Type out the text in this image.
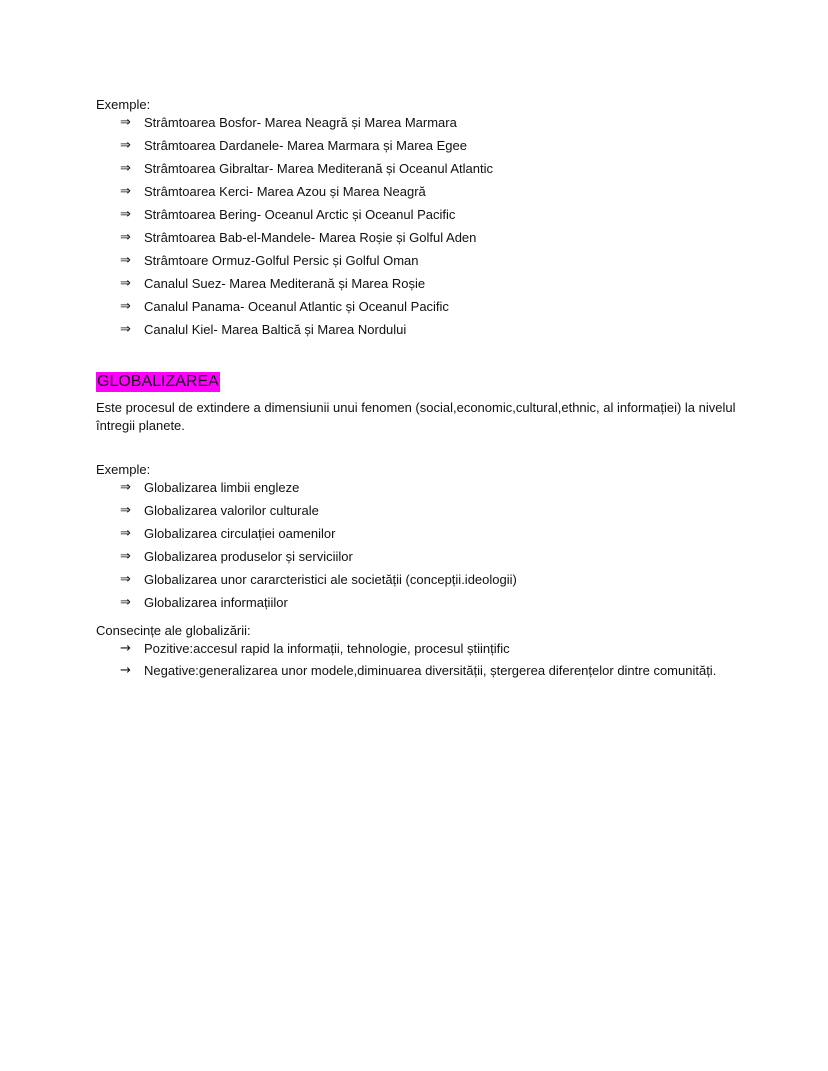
Exemple:

⇒	Strâmtoarea Bosfor- Marea Neagră și Marea Marmara
⇒	Strâmtoarea Dardanele- Marea Marmara și Marea Egee
⇒	Strâmtoarea Gibraltar- Marea Mediterană și Oceanul Atlantic
⇒	Strâmtoarea Kerci- Marea Azou și Marea Neagră
⇒	Strâmtoarea Bering- Oceanul Arctic și Oceanul Pacific
⇒	Strâmtoarea Bab-el-Mandele- Marea Roșie și Golful Aden
⇒	Strâmtoare Ormuz-Golful Persic și Golful Oman
⇒	Canalul Suez- Marea Mediterană și Marea Roșie
⇒	Canalul Panama- Oceanul Atlantic și Oceanul Pacific
⇒	Canalul Kiel- Marea Baltică și Marea Nordului
GLOBALIZAREA

Este procesul de extindere a dimensiunii unui fenomen (social,economic,cultural,ethnic, al informației) la nivelul întregii planete.

Exemple:

⇒	Globalizarea limbii engleze
⇒	Globalizarea valorilor culturale
⇒	Globalizarea circulației oamenilor
⇒	Globalizarea produselor și serviciilor
⇒	Globalizarea unor cararcteristici ale societății (concepții.ideologii)
⇒	Globalizarea informațiilor

Consecințe ale globalizării:

→	Pozitive:accesul rapid la informații, tehnologie, procesul științific
→	Negative:generalizarea unor modele,diminuarea diversității, ștergerea diferențelor dintre comunități.
